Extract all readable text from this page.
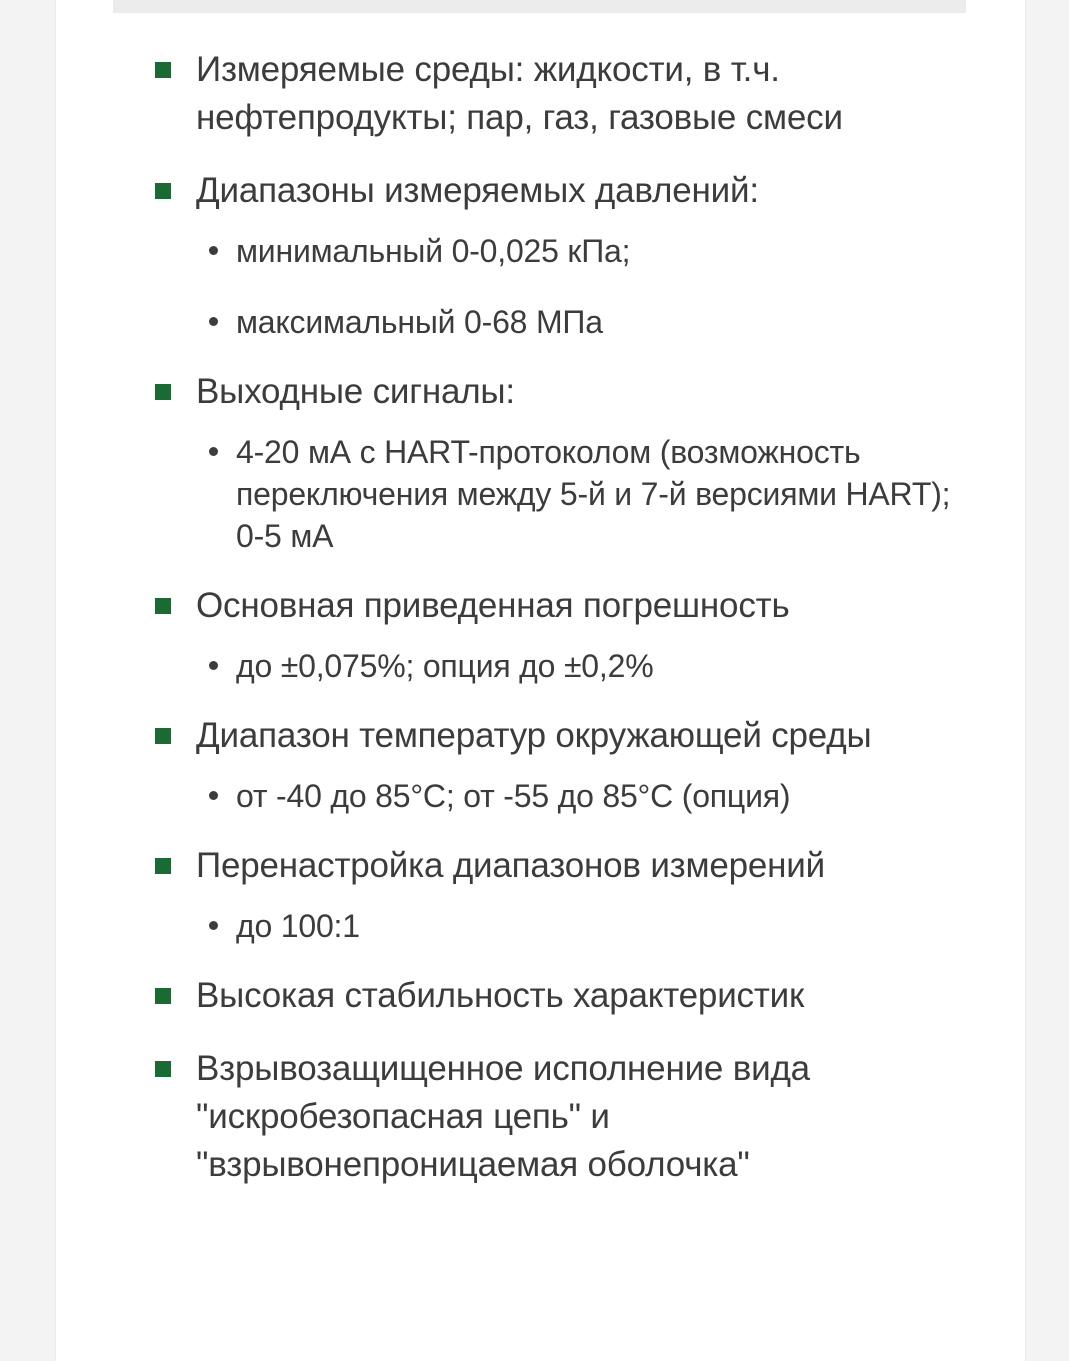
Измеряемые среды: жидкости, в т.ч. нефтепродукты; пар, газ, газовые смеси
Диапазоны измеряемых давлений:
минимальный 0-0,025 кПа;
максимальный 0-68 МПа
Выходные сигналы:
4-20 мА с HART-протоколом (возможность переключения между 5-й и 7-й версиями HART); 0-5 мА
Основная приведенная погрешность
до ±0,075%; опция до ±0,2%
Диапазон температур окружающей среды
от -40 до 85°C; от -55 до 85°C (опция)
Перенастройка диапазонов измерений
до 100:1
Высокая стабильность характеристик
Взрывозащищенное исполнение вида "искробезопасная цепь" и "взрывонепроницаемая оболочка"
